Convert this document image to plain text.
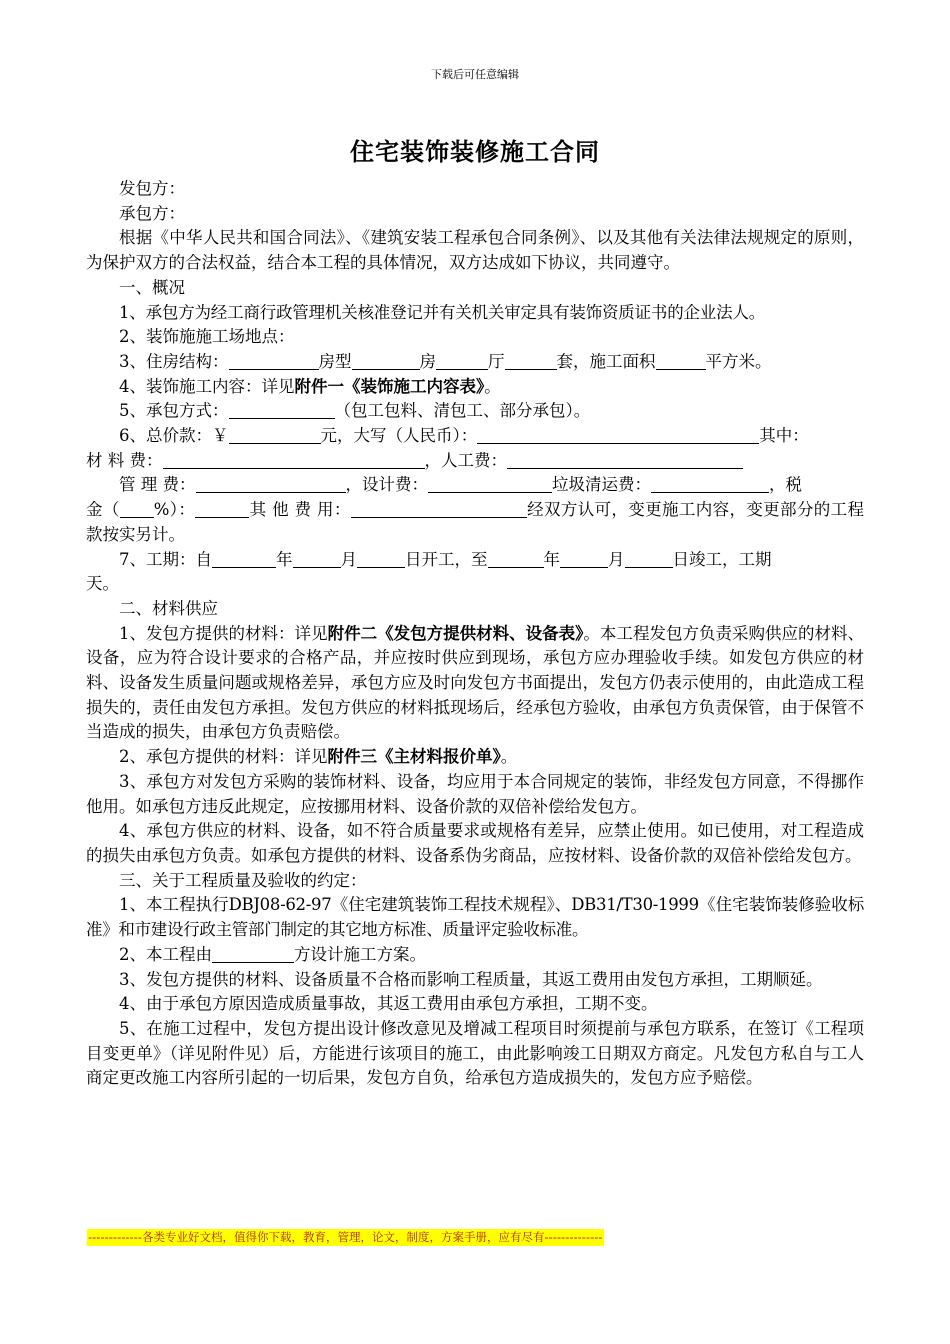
下载后可任意编辑
住宅装饰装修施工合同

发包方：

承包方：

根据《中华人民共和国合同法》、《建筑安装工程承包合同条例》、以及其他有关法律法规规定的原则，为保护双方的合法权益，结合本工程的具体情况，双方达成如下协议，共同遵守。

一、概况

1、承包方为经工商行政管理机关核准登记并有关机关审定具有装饰资质证书的企业法人。

2、装饰施施工场地点：

3、住房结构：	房型	房	厅	套，施工面积	平方米。

4、装饰施工内容：详见附件一《装饰施工内容表》。

5、承包方式：	（包工包料、清包工、部分承包）。

6、总价款：￥	元，大写（人民币）：	其中：

材 料 费：	，人工费：

管 理 费：	，设计费：	垃圾清运费：	，税

金（ %）：	其 他 费 用：	经双方认可，变更施工内容，变更部分的工程款按实另计。

7、工期：自	年	月	日开工，至	年	月	日竣工，工期

天。

二、材料供应

1、发包方提供的材料：详见附件二《发包方提供材料、设备表》。本工程发包方负责采购供应的材料、设备，应为符合设计要求的合格产品，并应按时供应到现场，承包方应办理验收手续。如发包方供应的材料、设备发生质量问题或规格差异，承包方应及时向发包方书面提出，发包方仍表示使用的，由此造成工程损失的，责任由发包方承担。发包方供应的材料抵现场后，经承包方验收，由承包方负责保管，由于保管不当造成的损失，由承包方负责赔偿。

2、承包方提供的材料：详见附件三《主材料报价单》。

3、承包方对发包方采购的装饰材料、设备，均应用于本合同规定的装饰，非经发包方同意，不得挪作他用。如承包方违反此规定，应按挪用材料、设备价款的双倍补偿给发包方。

4、承包方供应的材料、设备，如不符合质量要求或规格有差异，应禁止使用。如已使用，对工程造成的损失由承包方负责。如承包方提供的材料、设备系伪劣商品，应按材料、设备价款的双倍补偿给发包方。

三、关于工程质量及验收的约定：

1、本工程执行DBJ08-62-97《住宅建筑装饰工程技术规程》、DB31/T30-1999《住宅装饰装修验收标准》和市建设行政主管部门制定的其它地方标准、质量评定验收标准。

2、本工程由	方设计施工方案。

3、发包方提供的材料、设备质量不合格而影响工程质量，其返工费用由发包方承担，工期顺延。

4、由于承包方原因造成质量事故，其返工费用由承包方承担，工期不变。

5、在施工过程中，发包方提出设计修改意见及增减工程项目时须提前与承包方联系，在签订《工程项目变更单》（详见附件见）后，方能进行该项目的施工，由此影响竣工日期双方商定。凡发包方私自与工人商定更改施工内容所引起的一切后果，发包方自负，给承包方造成损失的，发包方应予赔偿。

-------------各类专业好文档，值得你下载，教育，管理，论文，制度，方案手册，应有尽有--------------
